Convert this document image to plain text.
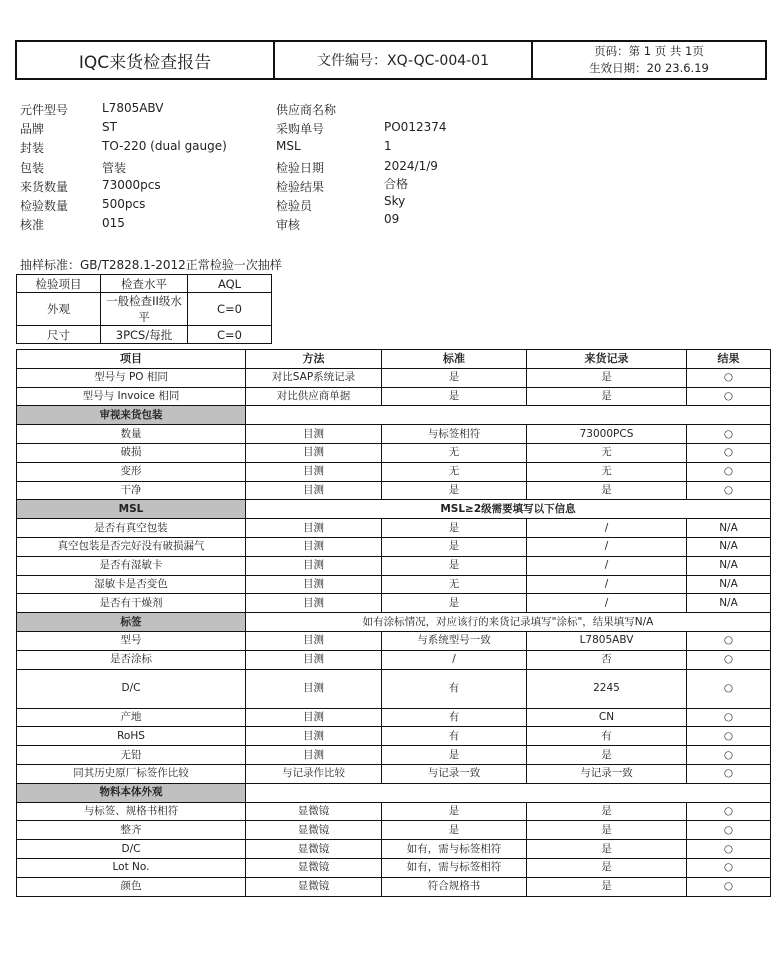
IQC来货检查报告	文件编号：XQ-QC-004-01
页码：第 1 页 共 1页
生效日期：20 23.6.19
元件型号	L7805ABV	供应商名称
品牌	ST	采购单号	PO012374
封装	TO-220 (dual gauge)	MSL	1
包装	管装	检验日期	2024/1/9
来货数量	73000pcs	检验结果	合格
检验数量	500pcs	检验员	Sky
核准	015	审核	09
抽样标准：GB/T2828.1-2012正常检验一次抽样
检验项目	检查水平	AQL
外观	一般检查II级水平	C=0
尺寸	3PCS/每批	C=0
项目	方法	标准	来货记录	结果
型号与 PO 相同	对比SAP系统记录	是	是	○
型号与 Invoice 相同	对比供应商单据	是	是	○
审视来货包装				
数量	目测	与标签相符	73000PCS	○
破损	目测	无	无	○
变形	目测	无	无	○
干净	目测	是	是	○
MSL	MSL≥2级需要填写以下信息			
是否有真空包装	目测	是	/	N/A
真空包装是否完好没有破损漏气	目测	是	/	N/A
是否有湿敏卡	目测	是	/	N/A
湿敏卡是否变色	目测	无	/	N/A
是否有干燥剂	目测	是	/	N/A
标签	如有涂标情况，对应该行的来货记录填写"涂标"，结果填写N/A			
型号	目测	与系统型号一致	L7805ABV	○
是否涂标	目测	/	否	○
D/C	目测	有	2245	○
产地	目测	有	CN	○
RoHS	目测	有	有	○
无铅	目测	是	是	○
同其历史原厂标签作比较	与记录作比较	与记录一致	与记录一致	○
物料本体外观				
与标签、规格书相符	显微镜	是	是	○
整齐	显微镜	是	是	○
D/C	显微镜	如有，需与标签相符	是	○
Lot No.	显微镜	如有，需与标签相符	是	○
颜色	显微镜	符合规格书	是	○
